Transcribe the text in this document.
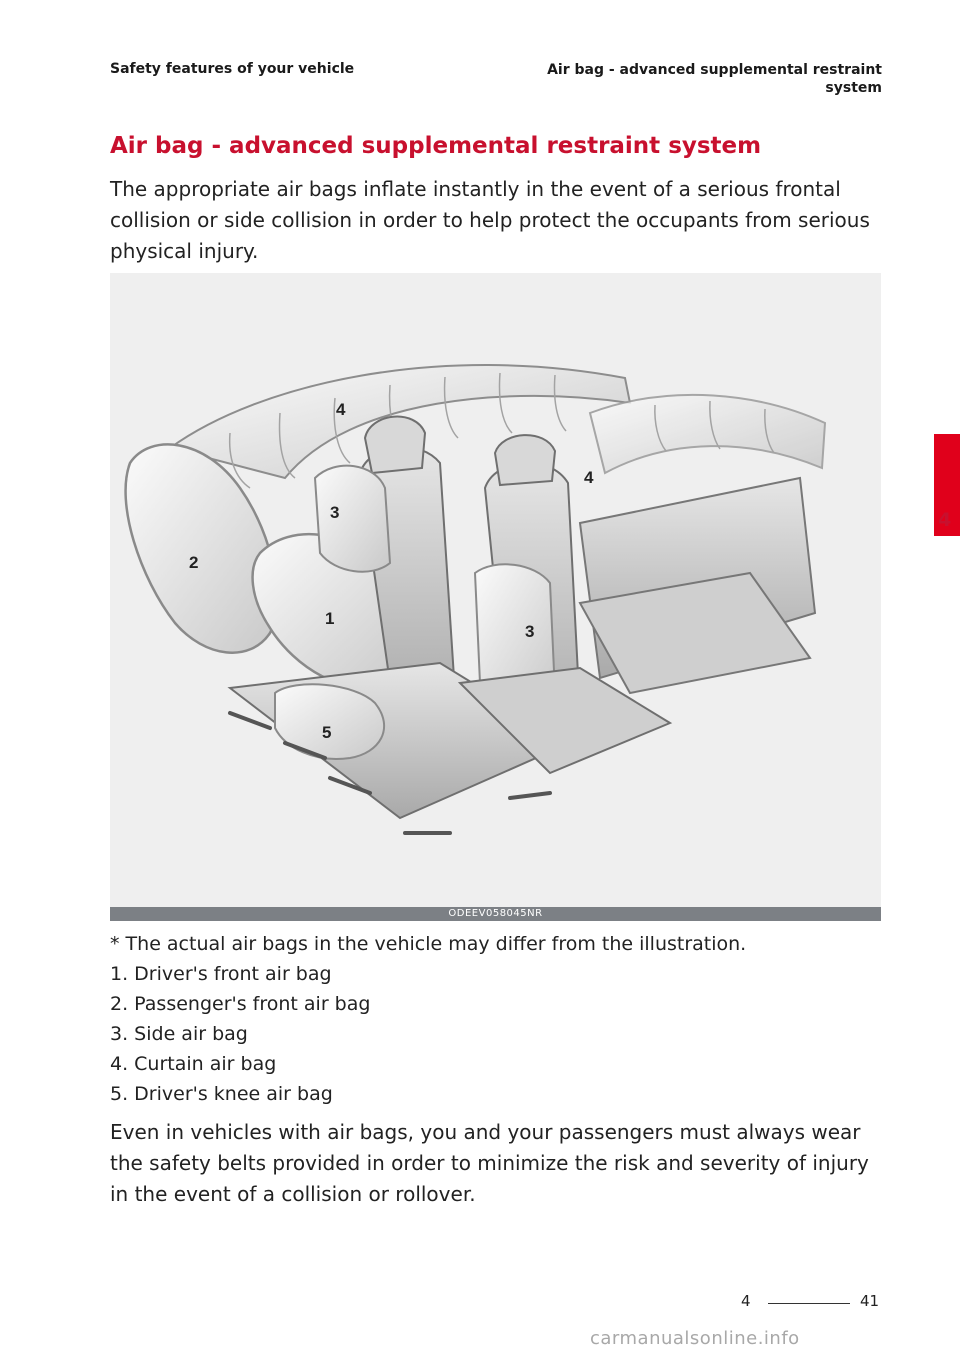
Safety features of your vehicle	Air bag - advanced supplemental restraint system
Air bag - advanced supplemental restraint system

The appropriate air bags inflate instantly in the event of a serious frontal collision or side collision in order to help protect the occupants from serious physical injury.

4
4
3
3
2
1
5
ODEEV058045NR

* The actual air bags in the vehicle may differ from the illustration.

1. Driver's front air bag
2. Passenger's front air bag
3. Side air bag
4. Curtain air bag
5. Driver's knee air bag

Even in vehicles with air bags, you and your passengers must always wear the safety belts provided in order to minimize the risk and severity of injury in the event of a collision or rollover.

4
4	41
carmanualsonline.info
